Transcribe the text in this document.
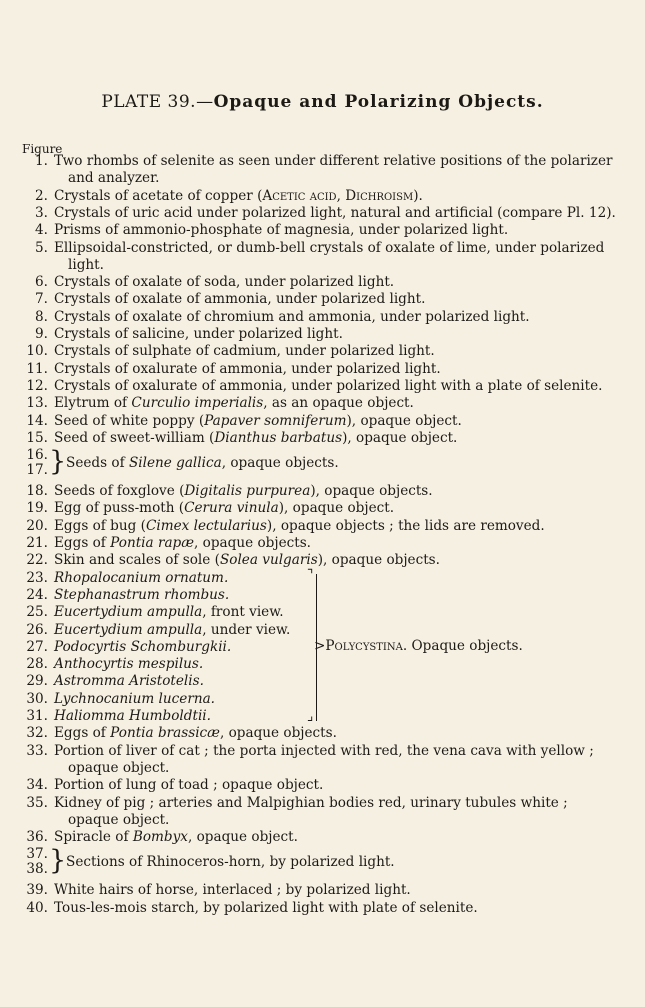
PLATE 39.—Opaque and Polarizing Objects.
Figure
1. Two rhombs of selenite as seen under different relative positions of the polarizer
and analyzer.
2. Crystals of acetate of copper (Acetic acid, Dichroism).
3. Crystals of uric acid under polarized light, natural and artificial (compare Pl. 12).
4. Prisms of ammonio-phosphate of magnesia, under polarized light.
5. Ellipsoidal-constricted, or dumb-bell crystals of oxalate of lime, under polarized
light.
6. Crystals of oxalate of soda, under polarized light.
7. Crystals of oxalate of ammonia, under polarized light.
8. Crystals of oxalate of chromium and ammonia, under polarized light.
9. Crystals of salicine, under polarized light.
10. Crystals of sulphate of cadmium, under polarized light.
11. Crystals of oxalurate of ammonia, under polarized light.
12. Crystals of oxalurate of ammonia, under polarized light with a plate of selenite.
13. Elytrum of Curculio imperialis, as an opaque object.
14. Seed of white poppy (Papaver somniferum), opaque object.
15. Seed of sweet-william (Dianthus barbatus), opaque object.
16.
17. } Seeds of Silene gallica, opaque objects.
18. Seeds of foxglove (Digitalis purpurea), opaque objects.
19. Egg of puss-moth (Cerura vinula), opaque object.
20. Eggs of bug (Cimex lectularius), opaque objects ; the lids are removed.
21. Eggs of Pontia rapæ, opaque objects.
22. Skin and scales of sole (Solea vulgaris), opaque objects.
23. Rhopalocanium ornatum.
24. Stephanastrum rhombus.
25. Eucertydium ampulla, front view.
26. Eucertydium ampulla, under view.
27. Podocyrtis Schomburgkii.
28. Anthocyrtis mespilus.
29. Astromma Aristotelis.
30. Lychnocanium lucerna.
31. Haliomma Humboldtii.
⌝
⌟
>Polycystina. Opaque objects.
32. Eggs of Pontia brassicæ, opaque objects.
33. Portion of liver of cat ; the porta injected with red, the vena cava with yellow ;
opaque object.
34. Portion of lung of toad ; opaque object.
35. Kidney of pig ; arteries and Malpighian bodies red, urinary tubules white ;
opaque object.
36. Spiracle of Bombyx, opaque object.
37.
38. } Sections of Rhinoceros-horn, by polarized light.
39. White hairs of horse, interlaced ; by polarized light.
40. Tous-les-mois starch, by polarized light with plate of selenite.
